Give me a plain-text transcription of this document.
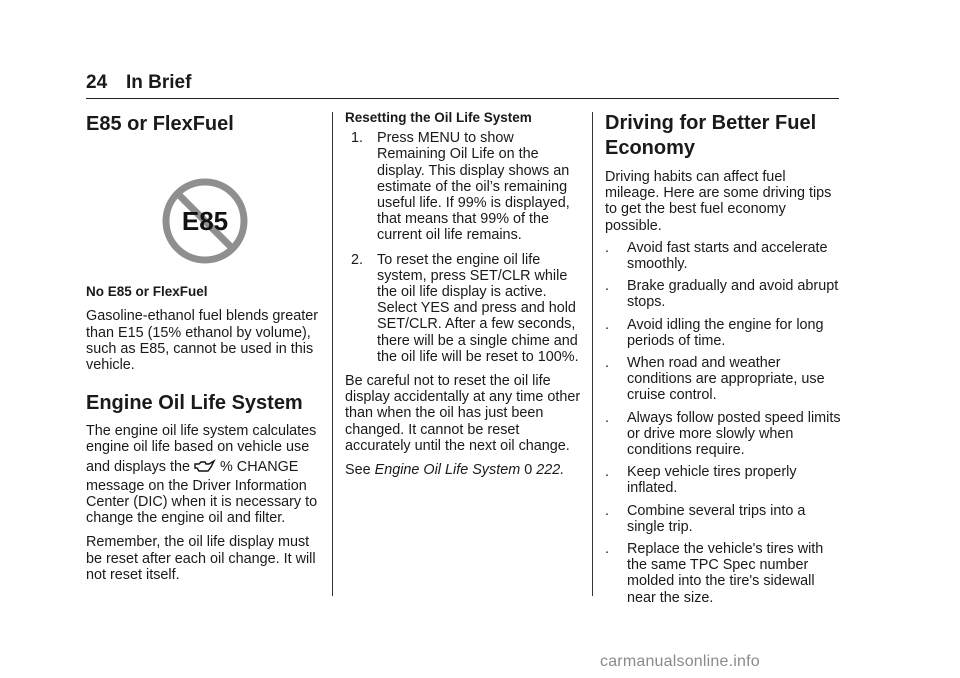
24 In Brief
E85 or FlexFuel
E85

No E85 or FlexFuel

Gasoline-ethanol fuel blends greater than E15 (15% ethanol by volume), such as E85, cannot be used in this vehicle.

Engine Oil Life System

The engine oil life system calculates engine oil life based on vehicle use

and displays the % CHANGE

message on the Driver Information Center (DIC) when it is necessary to change the engine oil and filter.

Remember, the oil life display must be reset after each oil change. It will not reset itself.

Resetting the Oil Life System

1. Press MENU to show Remaining Oil Life on the display. This display shows an estimate of the oil’s remaining useful life. If 99% is displayed, that means that 99% of the current oil life remains.
2. To reset the engine oil life system, press SET/CLR while the oil life display is active. Select YES and press and hold SET/CLR. After a few seconds, there will be a single chime and the oil life will be reset to 100%.

Be careful not to reset the oil life display accidentally at any time other than when the oil has just been changed. It cannot be reset accurately until the next oil change.

See Engine Oil Life System 0 222.

Driving for Better Fuel Economy

Driving habits can affect fuel mileage. Here are some driving tips to get the best fuel economy possible.

.	Avoid fast starts and accelerate smoothly.
.	Brake gradually and avoid abrupt stops.
.	Avoid idling the engine for long periods of time.
.	When road and weather conditions are appropriate, use cruise control.
.	Always follow posted speed limits or drive more slowly when conditions require.
.	Keep vehicle tires properly inflated.
.	Combine several trips into a single trip.
.	Replace the vehicle's tires with the same TPC Spec number molded into the tire's sidewall near the size.
carmanualsonline.info
